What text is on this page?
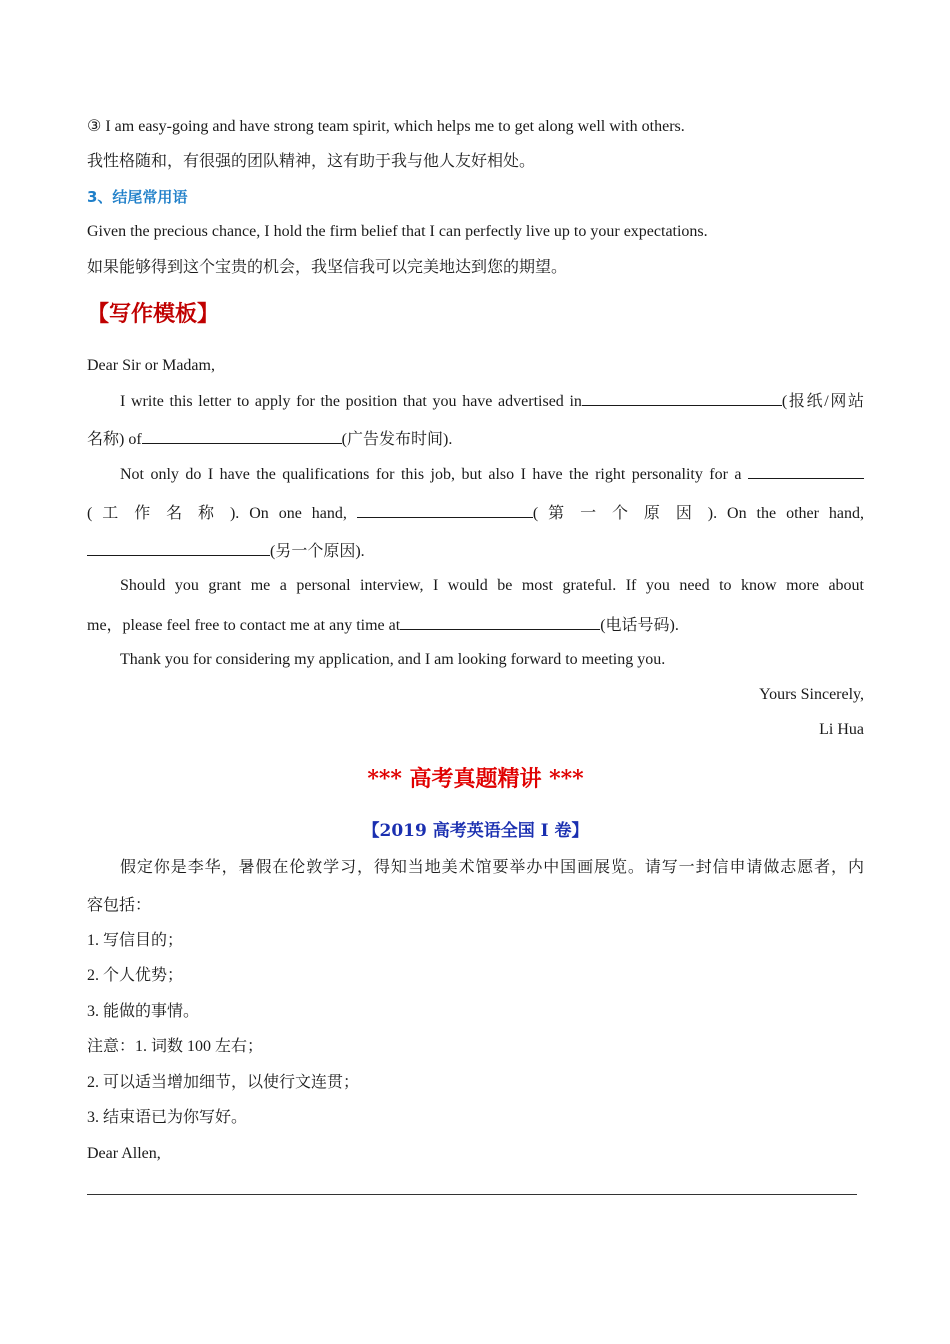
③ I am easy-going and have strong team spirit, which helps me to get along well with others.
我性格随和，有很强的团队精神，这有助于我与他人友好相处。
3、结尾常用语
Given the precious chance, I hold the firm belief that I can perfectly live up to your expectations.
如果能够得到这个宝贵的机会，我坚信我可以完美地达到您的期望。
【写作模板】
Dear Sir or Madam,
I write this letter to apply for the position that you have advertised in	(报纸/网站
名称) of	(广告发布时间).
Not only do I have the qualifications for this job, but also I have the right personality for a
( 工 作 名 称 ). On one hand,	( 第 一 个 原 因 ). On the other hand,
(另一个原因).
Should you grant me a personal interview, I would be most grateful. If you need to know more about
me，please feel free to contact me at any time at	(电话号码).
Thank you for considering my application, and I am looking forward to meeting you.
Yours Sincerely,
Li Hua
*** 高考真题精讲 ***
【2019 高考英语全国 I 卷】
假定你是李华，暑假在伦敦学习，得知当地美术馆要举办中国画展览。请写一封信申请做志愿者，内
容包括：
1. 写信目的；
2. 个人优势；
3. 能做的事情。
注意：1. 词数 100 左右；
2. 可以适当增加细节，以使行文连贯；
3. 结束语已为你写好。
Dear Allen,
